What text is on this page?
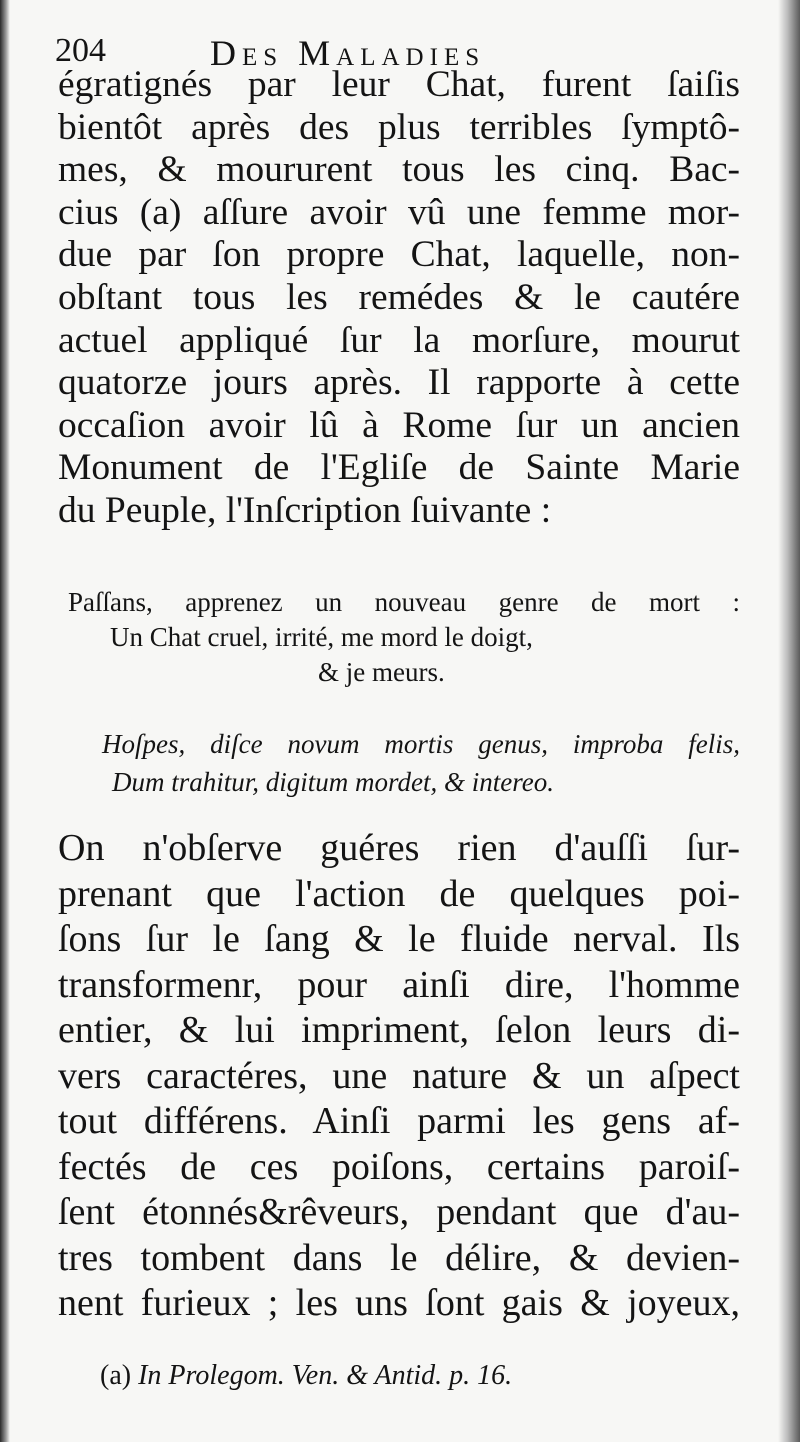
204	Des Maladies
égratignés par leur Chat, furent ſaiſis
bientôt après des plus terribles ſymptô-
mes, & moururent tous les cinq. Bac-
cius (a) aſſure avoir vû une femme mor-
due par ſon propre Chat, laquelle, non-
obſtant tous les remédes & le cautére
actuel appliqué ſur la morſure, mourut
quatorze jours après. Il rapporte à cette
occaſion avoir lû à Rome ſur un ancien
Monument de l'Egliſe de Sainte Marie
du Peuple, l'Inſcription ſuivante :
Paſſans, apprenez un nouveau genre de mort :
Un Chat cruel, irrité, me mord le doigt,
& je meurs.
Hoſpes, diſce novum mortis genus, improba felis,
Dum trahitur, digitum mordet, & intereo.
On n'obſerve guéres rien d'auſſi ſur-
prenant que l'action de quelques poi-
ſons ſur le ſang & le fluide nerval. Ils
transformenr, pour ainſi dire, l'homme
entier, & lui impriment, ſelon leurs di-
vers caractéres, une nature & un aſpect
tout différens. Ainſi parmi les gens af-
fectés de ces poiſons, certains paroiſ-
ſent étonnés&rêveurs, pendant que d'au-
tres tombent dans le délire, & devien-
nent furieux ; les uns ſont gais & joyeux,
(a) In Prolegom. Ven. & Antid. p. 16.
